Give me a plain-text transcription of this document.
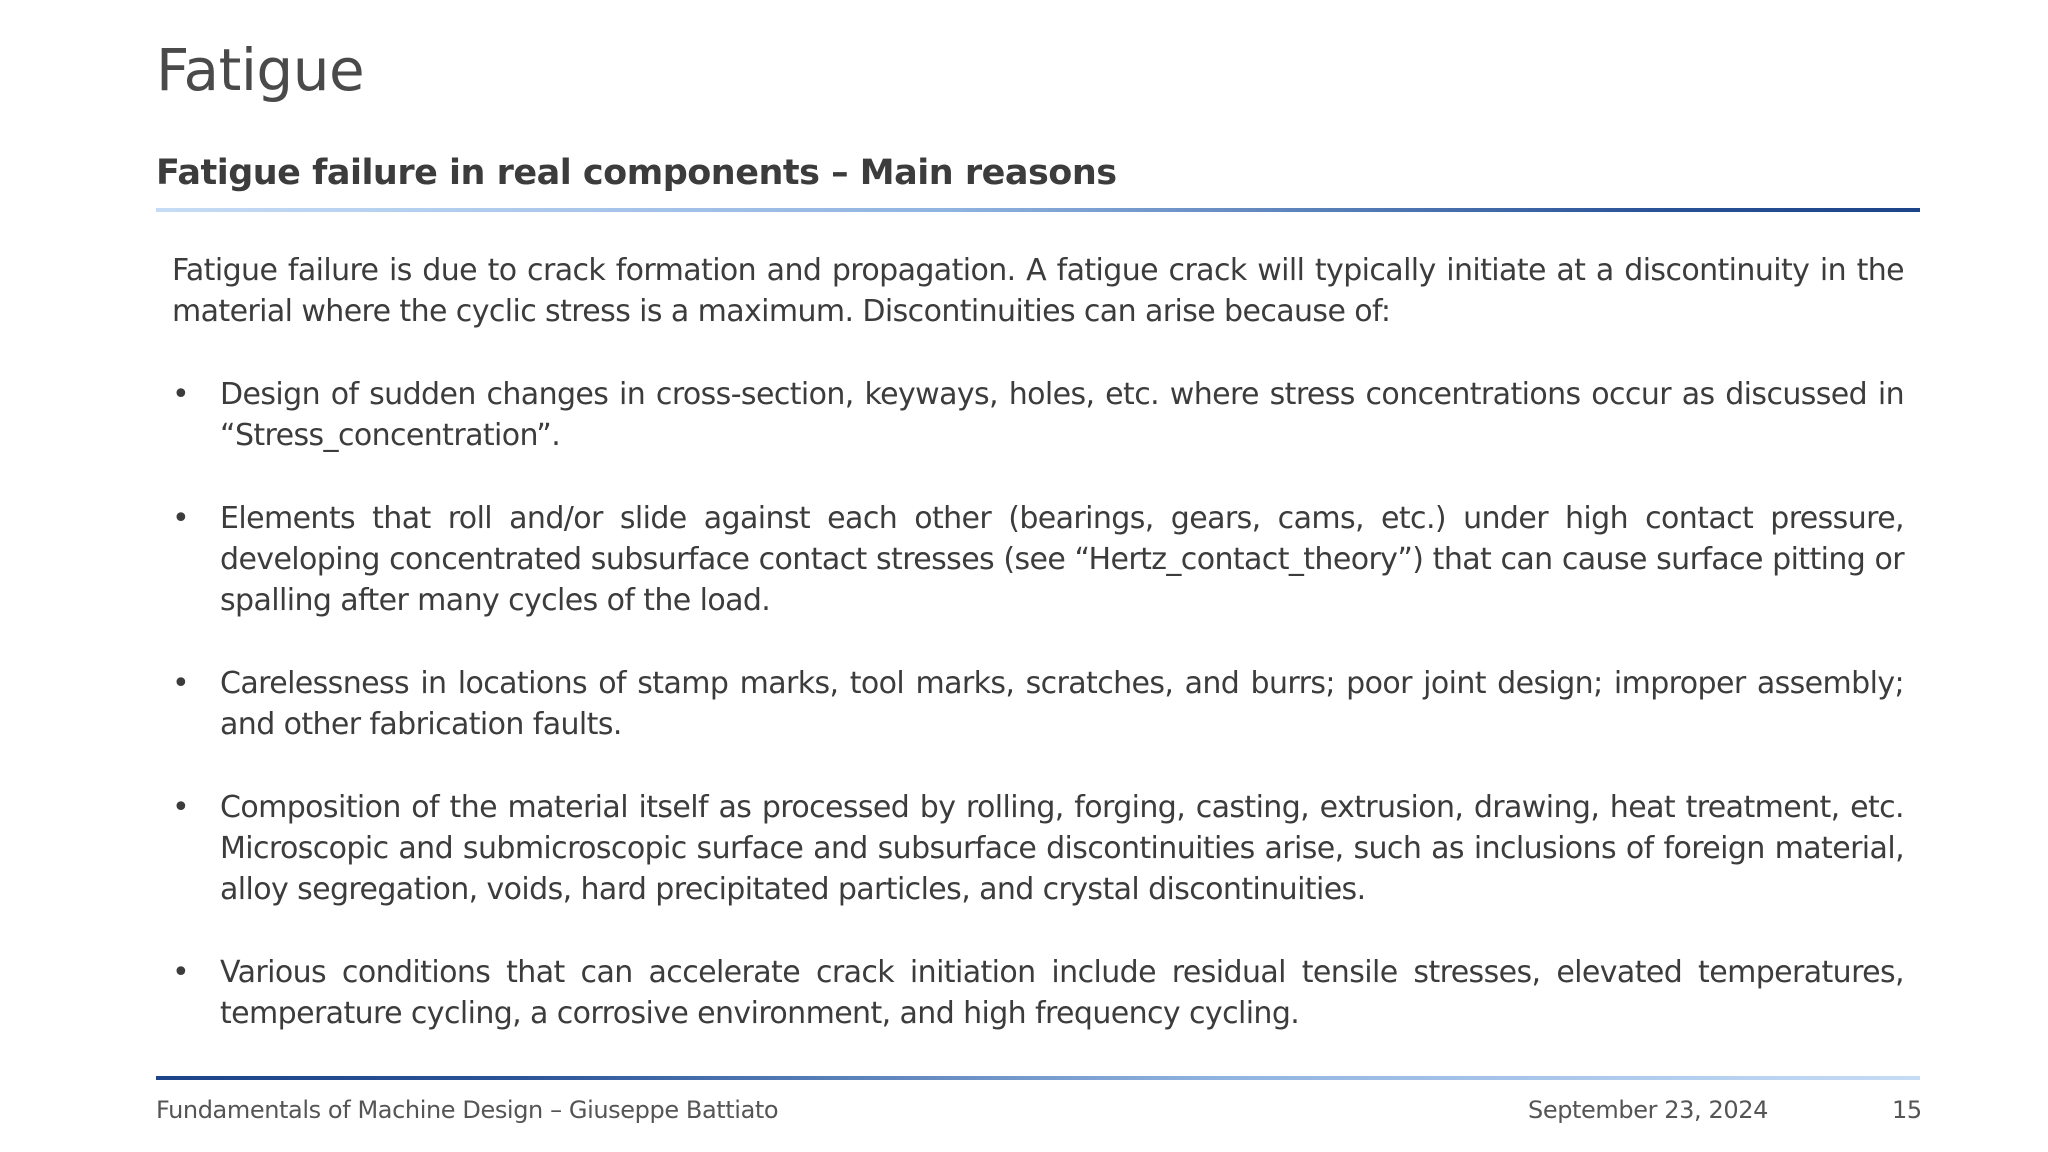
Fatigue
Fatigue failure in real components – Main reasons

Fatigue failure is due to crack formation and propagation. A fatigue crack will typically initiate at a discontinuity in the material where the cyclic stress is a maximum. Discontinuities can arise because of:

• Design of sudden changes in cross-section, keyways, holes, etc. where stress concentrations occur as discussed in “Stress_concentration”.
• Elements that roll and/or slide against each other (bearings, gears, cams, etc.) under high contact pressure, developing concentrated subsurface contact stresses (see “Hertz_contact_theory”) that can cause surface pitting or spalling after many cycles of the load.
• Carelessness in locations of stamp marks, tool marks, scratches, and burrs; poor joint design; improper assembly; and other fabrication faults.
• Composition of the material itself as processed by rolling, forging, casting, extrusion, drawing, heat treatment, etc. Microscopic and submicroscopic surface and subsurface discontinuities arise, such as inclusions of foreign material, alloy segregation, voids, hard precipitated particles, and crystal discontinuities.
• Various conditions that can accelerate crack initiation include residual tensile stresses, elevated temperatures, temperature cycling, a corrosive environment, and high frequency cycling.
Fundamentals of Machine Design – Giuseppe Battiato	September 23, 2024	15
